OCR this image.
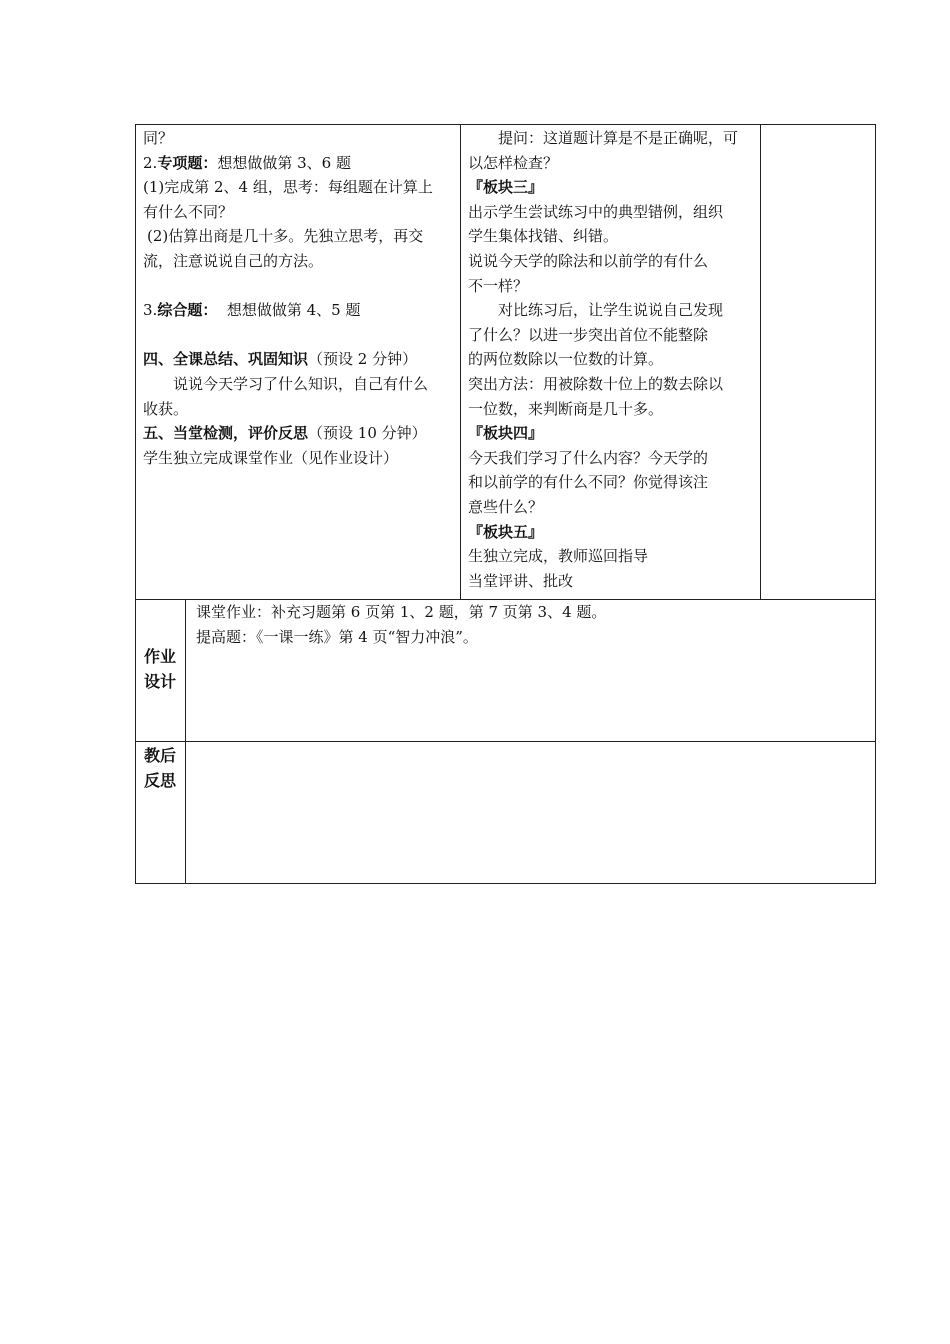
同？

2.专项题：想想做做第 3、6 题

(1)完成第 2、4 组，思考：每组题在计算上

有什么不同？

(2)估算出商是几十多。先独立思考，再交

流，注意说说自己的方法。

3.综合题： 想想做做第 4、5 题

四、全课总结、巩固知识（预设 2 分钟）

说说今天学习了什么知识，自己有什么

收获。

五、当堂检测，评价反思（预设 10 分钟）

学生独立完成课堂作业（见作业设计）

提问：这道题计算是不是正确呢，可

以怎样检查？

『板块三』

出示学生尝试练习中的典型错例，组织

学生集体找错、纠错。

说说今天学的除法和以前学的有什么

不一样？

对比练习后，让学生说说自己发现

了什么？以进一步突出首位不能整除

的两位数除以一位数的计算。

突出方法：用被除数十位上的数去除以

一位数，来判断商是几十多。

『板块四』

今天我们学习了什么内容？今天学的

和以前学的有什么不同？你觉得该注

意些什么？

『板块五』

生独立完成，教师巡回指导

当堂评讲、批改

作业
设计

课堂作业：补充习题第 6 页第 1、2 题，第 7 页第 3、4 题。

提高题：《一课一练》第 4 页“智力冲浪”。

教后
反思
